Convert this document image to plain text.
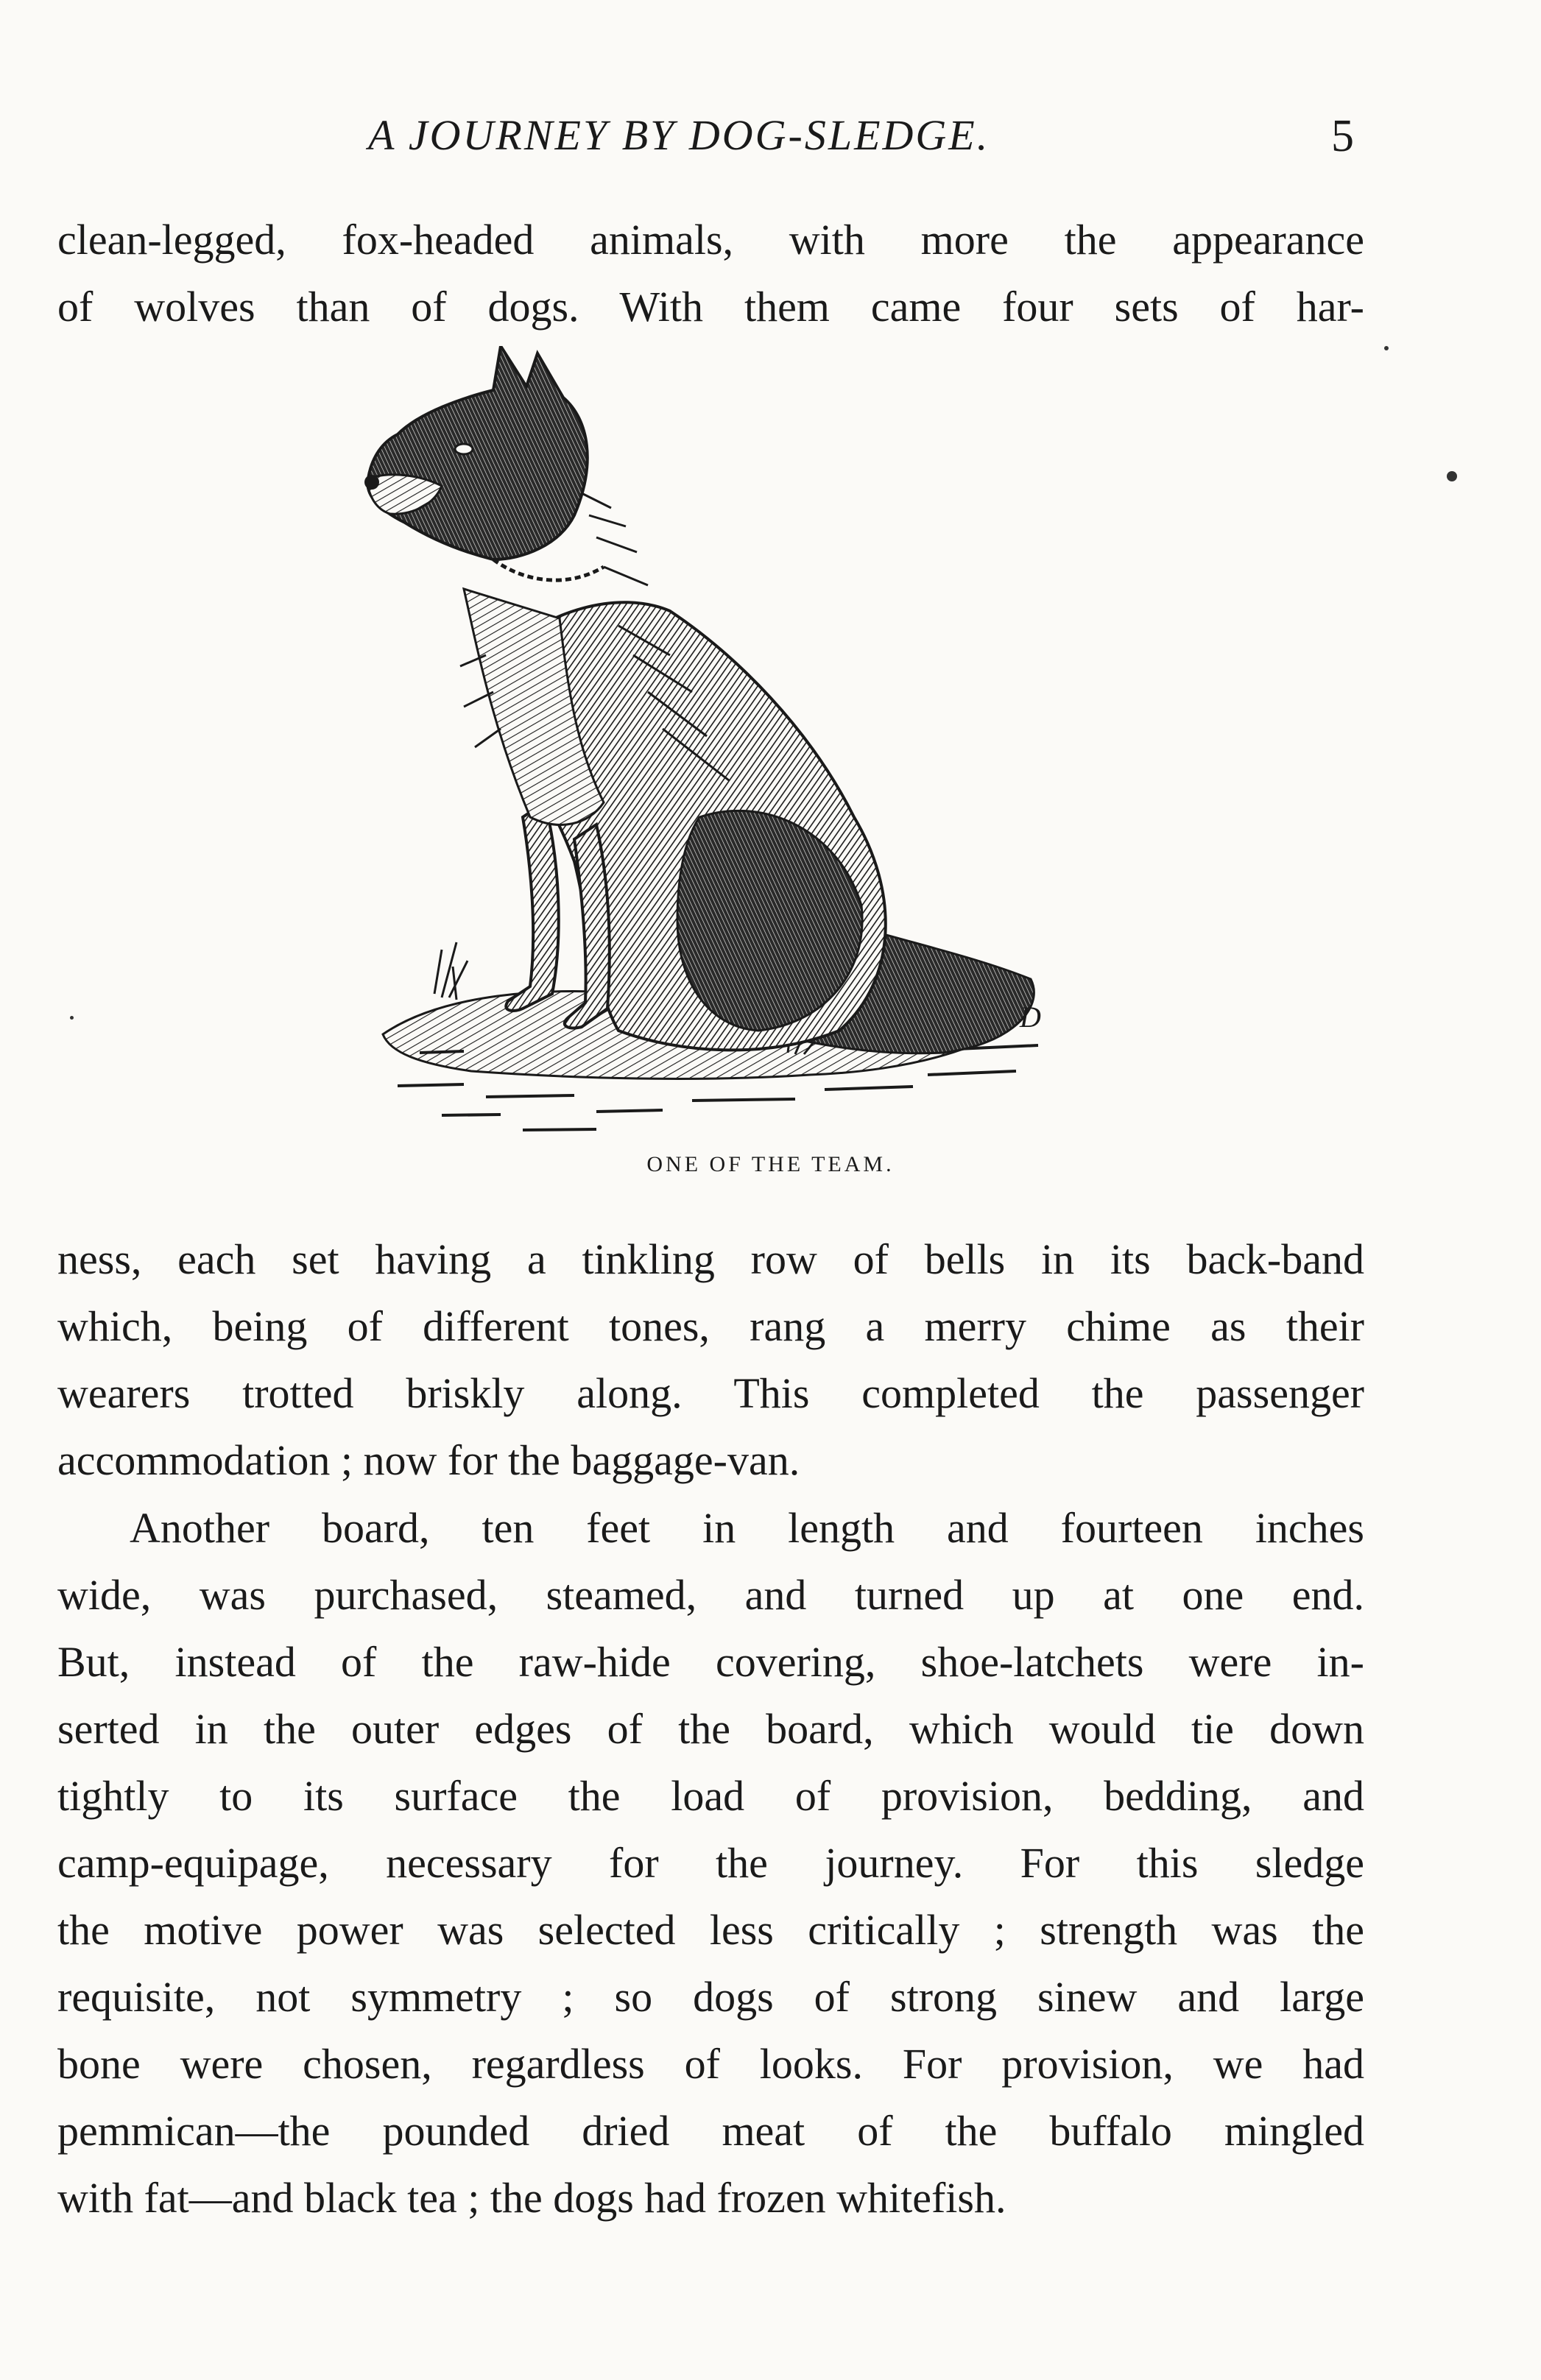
A JOURNEY BY DOG-SLEDGE.	5
clean-legged, fox-headed animals, with more the appearance
of wolves than of dogs. With them came four sets of har-
D
ONE OF THE TEAM.
ness, each set having a tinkling row of bells in its back-band
which, being of different tones, rang a merry chime as their
wearers trotted briskly along. This completed the passenger
accommodation ; now for the baggage-van.
Another board, ten feet in length and fourteen inches
wide, was purchased, steamed, and turned up at one end.
But, instead of the raw-hide covering, shoe-latchets were in-
serted in the outer edges of the board, which would tie down
tightly to its surface the load of provision, bedding, and
camp-equipage, necessary for the journey. For this sledge
the motive power was selected less critically ; strength was the
requisite, not symmetry ; so dogs of strong sinew and large
bone were chosen, regardless of looks. For provision, we had
pemmican—the pounded dried meat of the buffalo mingled
with fat—and black tea ; the dogs had frozen whitefish.
